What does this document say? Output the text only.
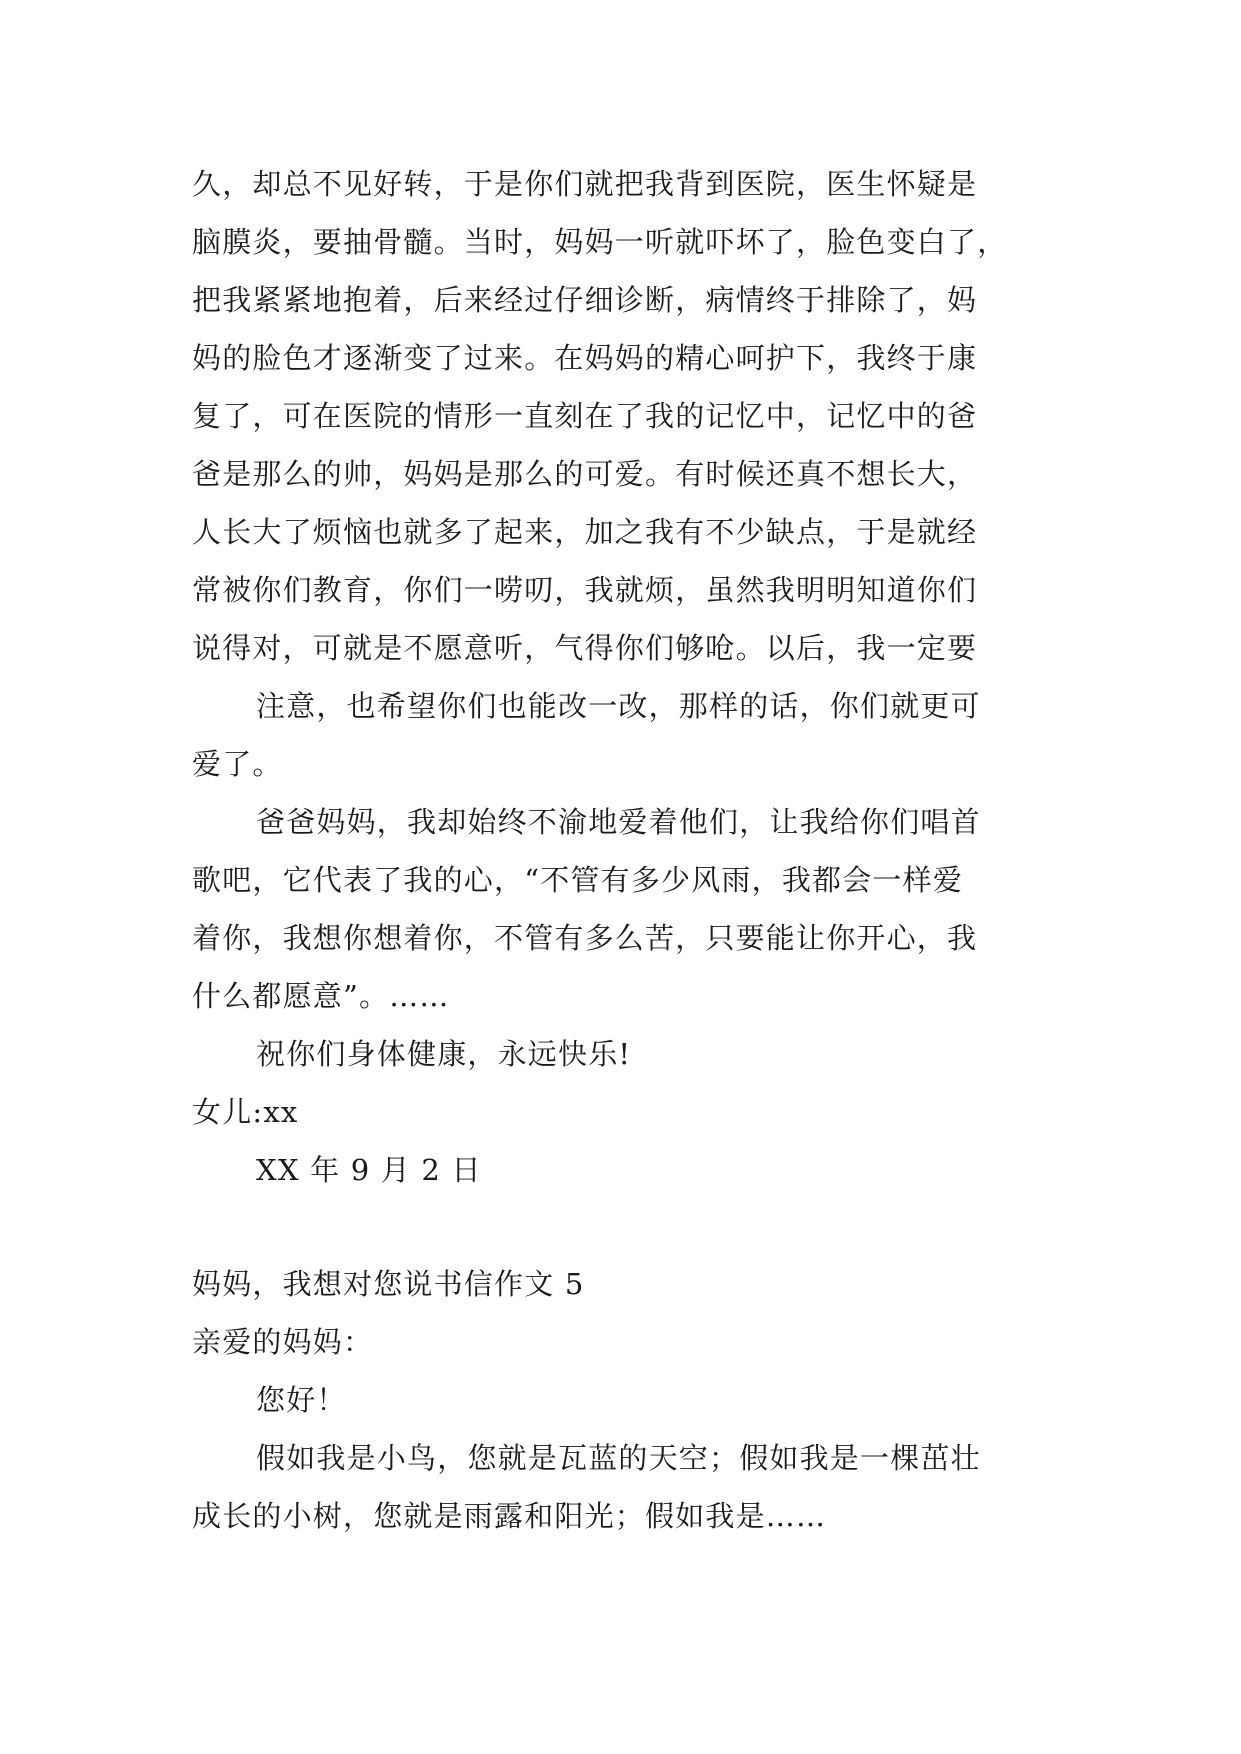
久，却总不见好转，于是你们就把我背到医院，医生怀疑是
脑膜炎，要抽骨髓。当时，妈妈一听就吓坏了，脸色变白了，
把我紧紧地抱着，后来经过仔细诊断，病情终于排除了，妈
妈的脸色才逐渐变了过来。在妈妈的精心呵护下，我终于康
复了，可在医院的情形一直刻在了我的记忆中，记忆中的爸
爸是那么的帅，妈妈是那么的可爱。有时候还真不想长大，
人长大了烦恼也就多了起来，加之我有不少缺点，于是就经
常被你们教育，你们一唠叨，我就烦，虽然我明明知道你们
说得对，可就是不愿意听，气得你们够呛。以后，我一定要
注意，也希望你们也能改一改，那样的话，你们就更可
爱了。
爸爸妈妈，我却始终不渝地爱着他们，让我给你们唱首
歌吧，它代表了我的心，“不管有多少风雨，我都会一样爱
着你，我想你想着你，不管有多么苦，只要能让你开心，我
什么都愿意”。……
祝你们身体健康，永远快乐!
女儿:xx
XX 年 9 月 2 日
妈妈，我想对您说书信作文 5
亲爱的妈妈：
您好！
假如我是小鸟，您就是瓦蓝的天空；假如我是一棵茁壮
成长的小树，您就是雨露和阳光；假如我是……
